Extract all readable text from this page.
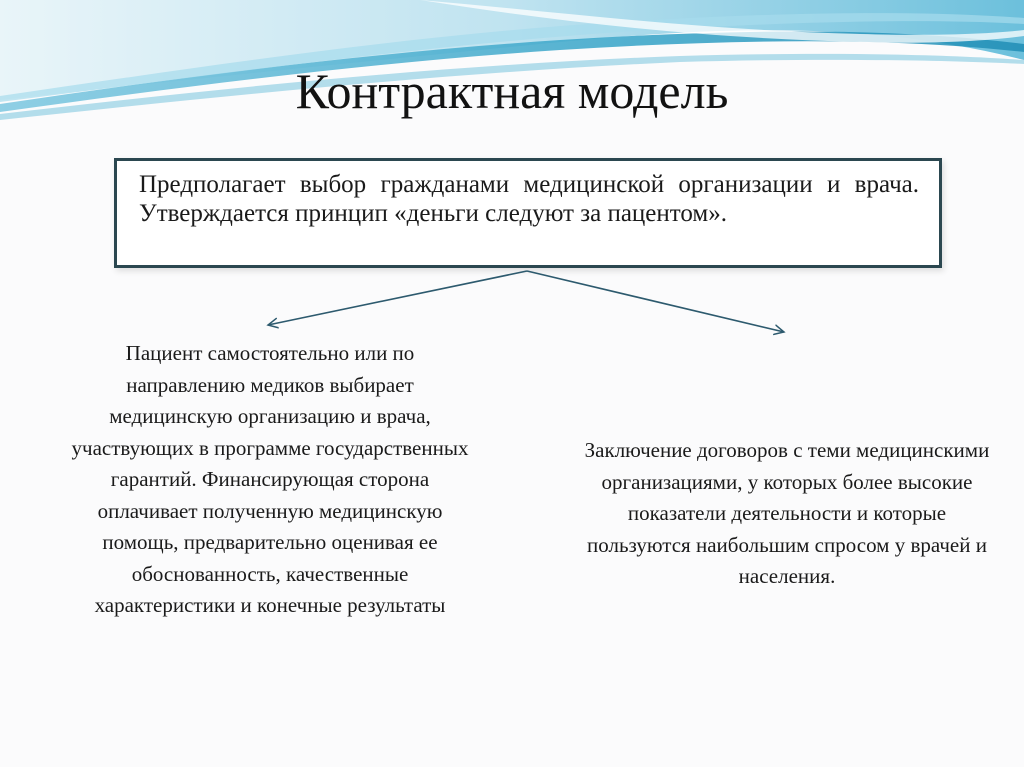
Контрактная модель
Предполагает выбор гражданами медицинской организации и врача. Утверждается принцип «деньги следуют за пацентом».
Пациент самостоятельно или по направлению медиков выбирает медицинскую организацию и врача, участвующих в программе государственных гарантий. Финансирующая сторона оплачивает полученную медицинскую помощь, предварительно оценивая ее обоснованность, качественные характеристики и конечные результаты
Заключение договоров с теми медицинскими организациями, у которых более высокие показатели деятельности и которые пользуются наибольшим спросом у врачей и населения.
